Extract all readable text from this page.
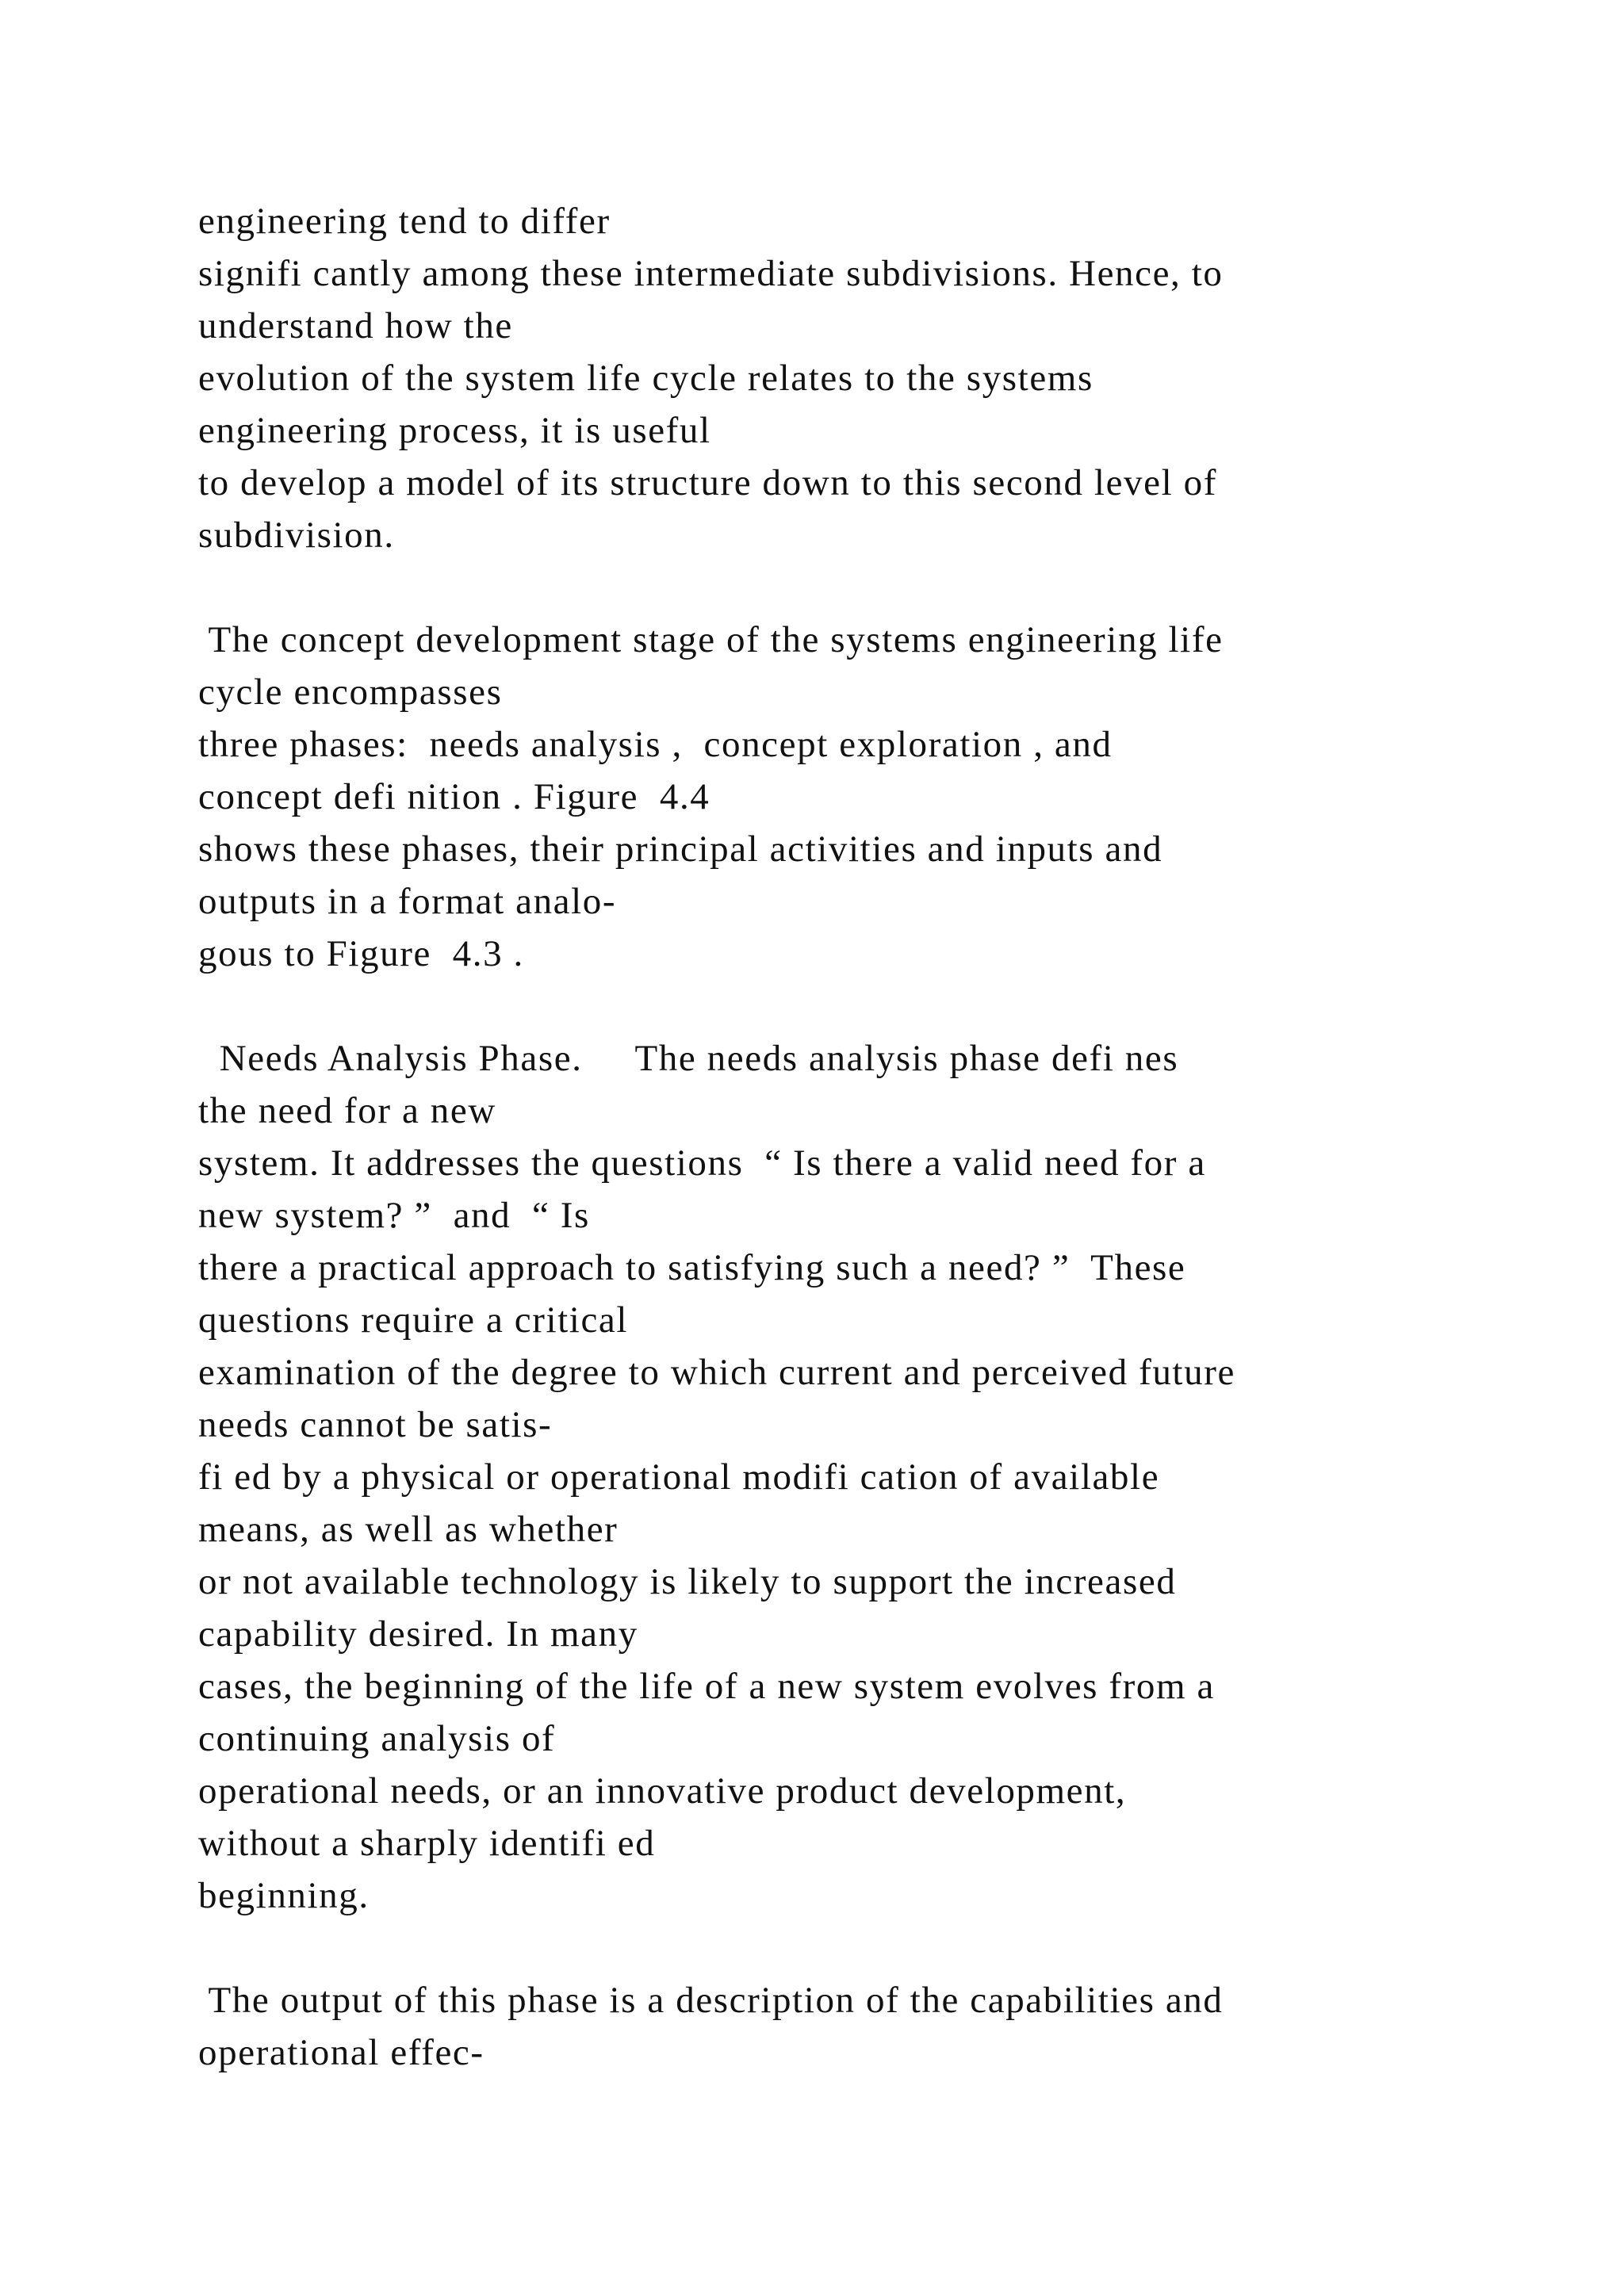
engineering tend to differ
signifi cantly among these intermediate subdivisions. Hence, to
understand how the
evolution of the system life cycle relates to the systems
engineering process, it is useful
to develop a model of its structure down to this second level of
subdivision.
The concept development stage of the systems engineering life
cycle encompasses
three phases:  needs analysis ,  concept exploration , and
concept defi nition . Figure  4.4
shows these phases, their principal activities and inputs and
outputs in a format analo-
gous to Figure  4.3 .
Needs Analysis Phase.     The needs analysis phase defi nes
the need for a new
system. It addresses the questions  “ Is there a valid need for a
new system? ”  and  “ Is
there a practical approach to satisfying such a need? ”  These
questions require a critical
examination of the degree to which current and perceived future
needs cannot be satis-
fi ed by a physical or operational modifi cation of available
means, as well as whether
or not available technology is likely to support the increased
capability desired. In many
cases, the beginning of the life of a new system evolves from a
continuing analysis of
operational needs, or an innovative product development,
without a sharply identifi ed
beginning.
The output of this phase is a description of the capabilities and
operational effec-
